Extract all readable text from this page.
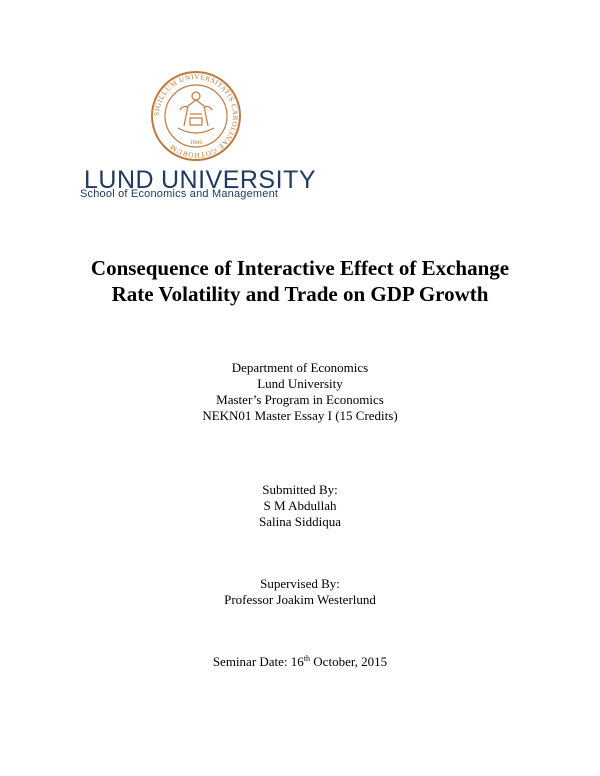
SIGILLUM UNIVERSITATIS CAROLINAE GOTHORUM
1666
LUND UNIVERSITY
School of Economics and Management
Consequence of Interactive Effect of Exchange
Rate Volatility and Trade on GDP Growth
Department of Economics
Lund University
Master’s Program in Economics
NEKN01 Master Essay I (15 Credits)
Submitted By:
S M Abdullah
Salina Siddiqua
Supervised By:
Professor Joakim Westerlund
Seminar Date: 16th October, 2015
